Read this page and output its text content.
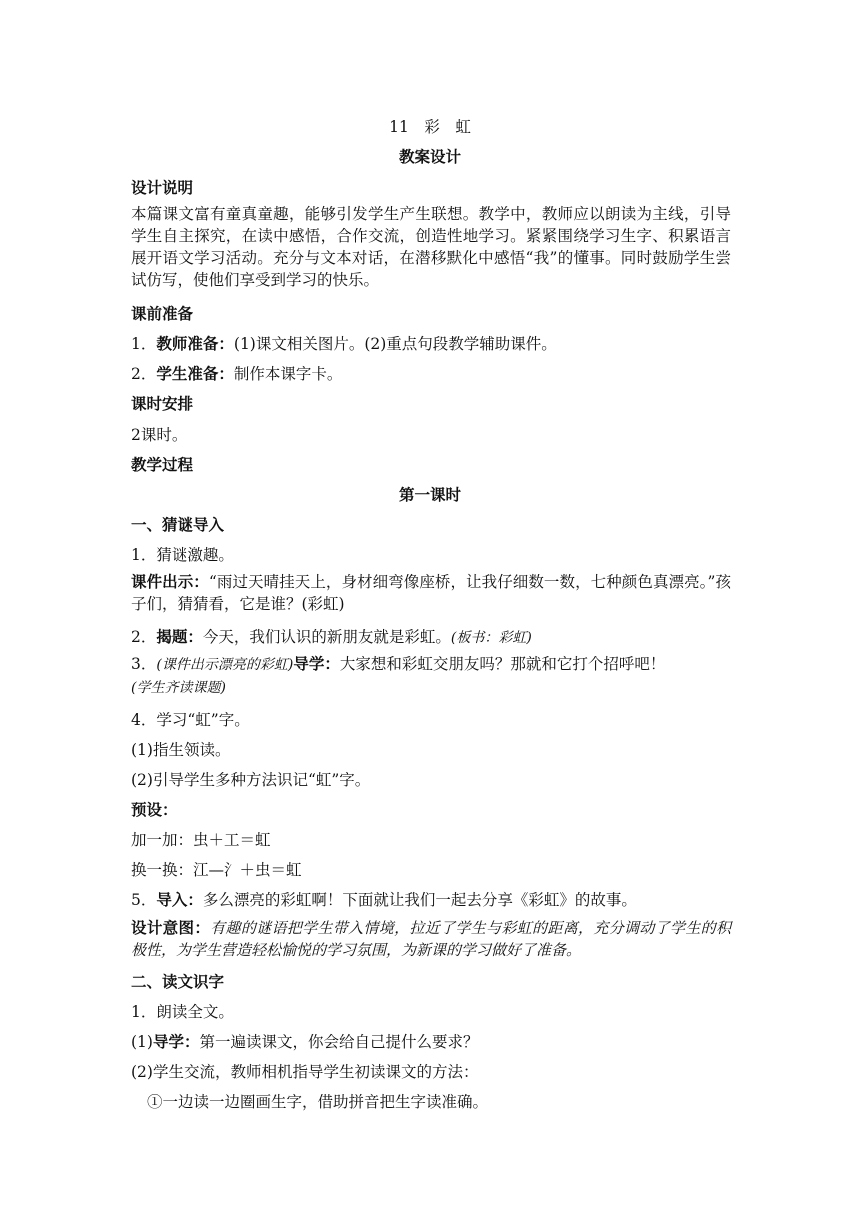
11　彩　虹
教案设计
设计说明
本篇课文富有童真童趣，能够引发学生产生联想。教学中，教师应以朗读为主线，引导学生自主探究，在读中感悟，合作交流，创造性地学习。紧紧围绕学习生字、积累语言展开语文学习活动。充分与文本对话，在潜移默化中感悟“我”的懂事。同时鼓励学生尝试仿写，使他们享受到学习的快乐。
课前准备
1．教师准备：(1)课文相关图片。(2)重点句段教学辅助课件。
2．学生准备：制作本课字卡。
课时安排
2课时。
教学过程
第一课时
一、猜谜导入
1．猜谜激趣。
课件出示：“雨过天晴挂天上，身材细弯像座桥，让我仔细数一数，七种颜色真漂亮。”孩子们，猜猜看，它是谁？(彩虹)
2．揭题：今天，我们认识的新朋友就是彩虹。(板书：彩虹)
3．(课件出示漂亮的彩虹)导学：大家想和彩虹交朋友吗？那就和它打个招呼吧！
(学生齐读课题)
4．学习“虹”字。
(1)指生领读。
(2)引导学生多种方法识记“虹”字。
预设：
加一加：虫＋工＝虹
换一换：江—氵＋虫＝虹
5．导入：多么漂亮的彩虹啊！下面就让我们一起去分享《彩虹》的故事。
设计意图：有趣的谜语把学生带入情境，拉近了学生与彩虹的距离，充分调动了学生的积极性，为学生营造轻松愉悦的学习氛围，为新课的学习做好了准备。
二、读文识字
1．朗读全文。
(1)导学：第一遍读课文，你会给自己提什么要求？
(2)学生交流，教师相机指导学生初读课文的方法：
①一边读一边圈画生字，借助拼音把生字读准确。
